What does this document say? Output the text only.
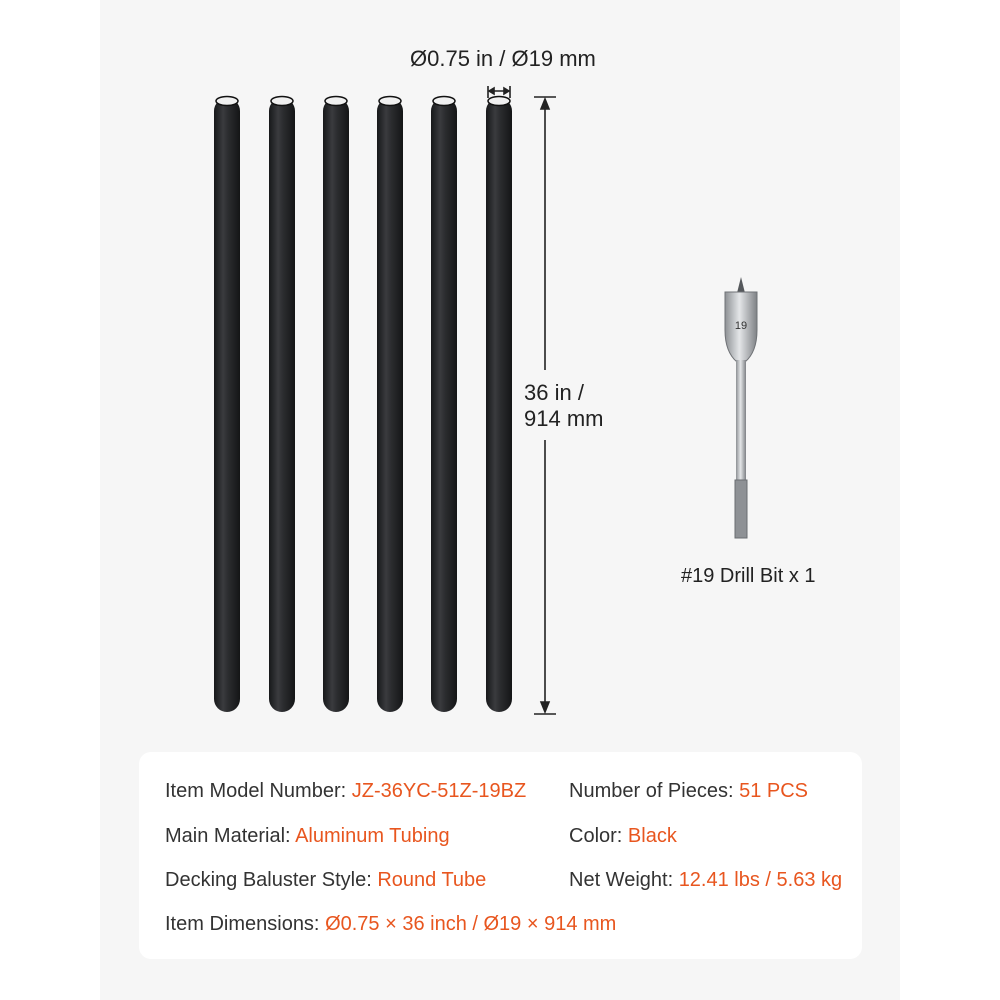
19
Ø0.75 in / Ø19 mm
36 in /
914 mm
#19 Drill Bit x 1
Item Model Number: JZ-36YC-51Z-19BZ Number of Pieces: 51 PCS
Main Material: Aluminum Tubing	Color: Black
Decking Baluster Style: Round Tube	Net Weight: 12.41 lbs / 5.63 kg
Item Dimensions: Ø0.75 × 36 inch / Ø19 × 914 mm
